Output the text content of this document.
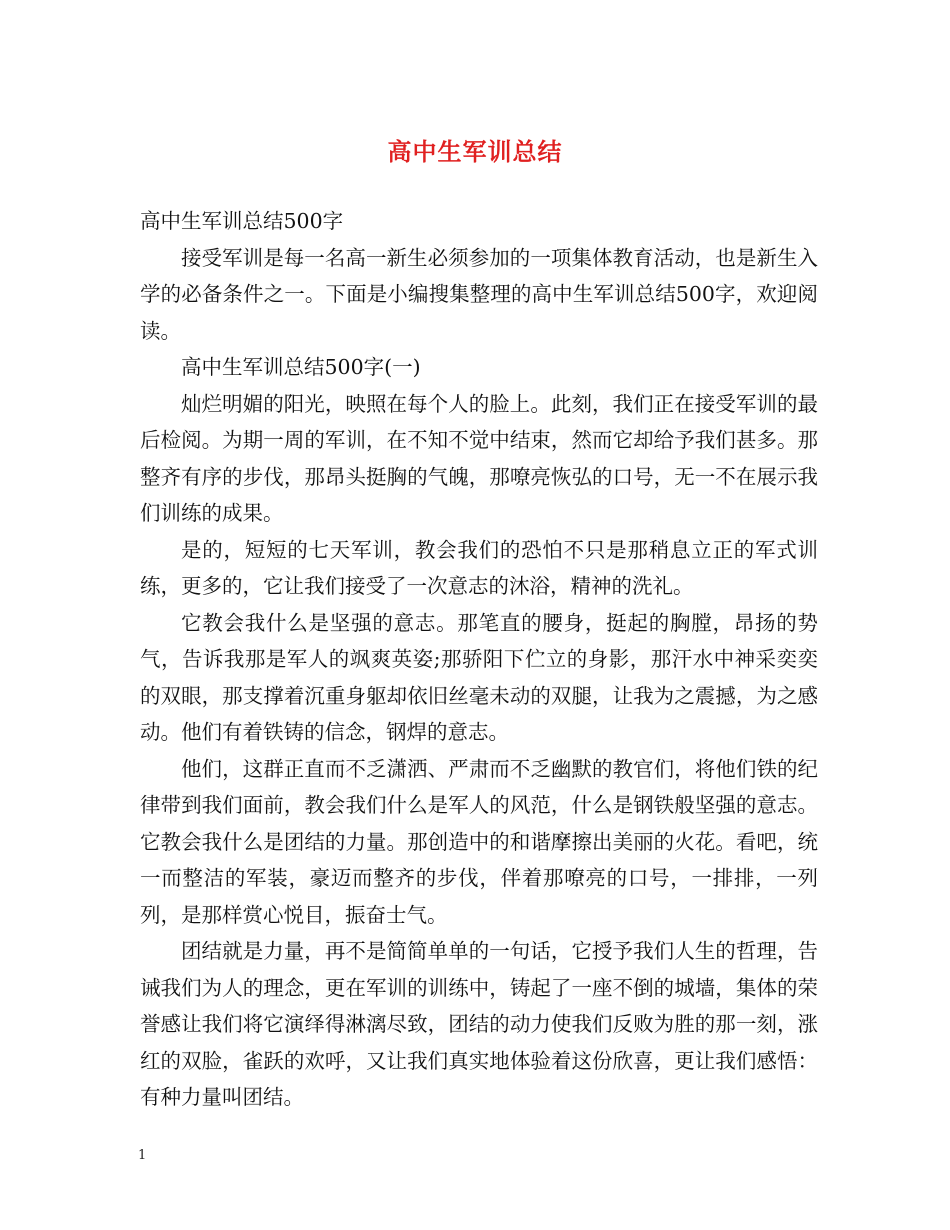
高中生军训总结

高中生军训总结500字

接受军训是每一名高一新生必须参加的一项集体教育活动，也是新生入学的必备条件之一。下面是小编搜集整理的高中生军训总结500字，欢迎阅读。

高中生军训总结500字(一)

灿烂明媚的阳光，映照在每个人的脸上。此刻，我们正在接受军训的最后检阅。为期一周的军训，在不知不觉中结束，然而它却给予我们甚多。那整齐有序的步伐，那昂头挺胸的气魄，那嘹亮恢弘的口号，无一不在展示我们训练的成果。

是的，短短的七天军训，教会我们的恐怕不只是那稍息立正的军式训练，更多的，它让我们接受了一次意志的沐浴，精神的洗礼。

它教会我什么是坚强的意志。那笔直的腰身，挺起的胸膛，昂扬的势气，告诉我那是军人的飒爽英姿;那骄阳下伫立的身影，那汗水中神采奕奕的双眼，那支撑着沉重身躯却依旧丝毫未动的双腿，让我为之震撼，为之感动。他们有着铁铸的信念，钢焊的意志。

他们，这群正直而不乏潇洒、严肃而不乏幽默的教官们，将他们铁的纪律带到我们面前，教会我们什么是军人的风范，什么是钢铁般坚强的意志。 它教会我什么是团结的力量。那创造中的和谐摩擦出美丽的火花。看吧，统一而整洁的军装，豪迈而整齐的步伐，伴着那嘹亮的口号，一排排，一列列，是那样赏心悦目，振奋士气。

团结就是力量，再不是简简单单的一句话，它授予我们人生的哲理，告诫我们为人的理念，更在军训的训练中，铸起了一座不倒的城墙，集体的荣誉感让我们将它演绎得淋漓尽致，团结的动力使我们反败为胜的那一刻，涨红的双脸，雀跃的欢呼，又让我们真实地体验着这份欣喜，更让我们感悟：有种力量叫团结。

1
